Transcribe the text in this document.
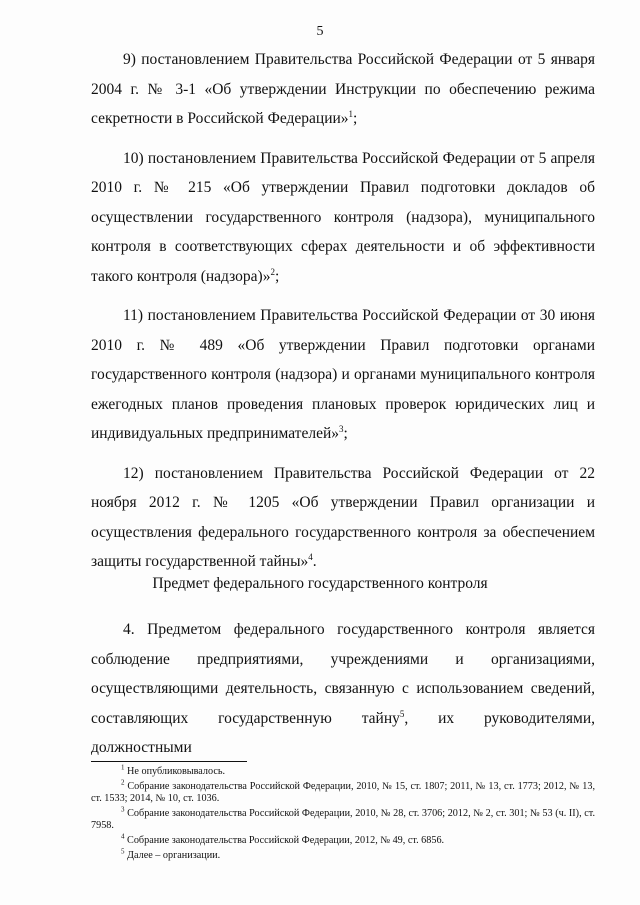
5

9) постановлением Правительства Российской Федерации от 5 января 2004 г. № 3-1 «Об утверждении Инструкции по обеспечению режима секретности в Российской Федерации»$^1$;

10) постановлением Правительства Российской Федерации от 5 апреля 2010 г. № 215 «Об утверждении Правил подготовки докладов об осуществлении государственного контроля (надзора), муниципального контроля в соответствующих сферах деятельности и об эффективности такого контроля (надзора)»$^2$;

11) постановлением Правительства Российской Федерации от 30 июня 2010 г. № 489 «Об утверждении Правил подготовки органами государственного контроля (надзора) и органами муниципального контроля ежегодных планов проведения плановых проверок юридических лиц и индивидуальных предпринимателей»$^3$;

12) постановлением Правительства Российской Федерации от 22 ноября 2012 г. № 1205 «Об утверждении Правил организации и осуществления федерального государственного контроля за обеспечением защиты государственной тайны»$^4$.

Предмет федерального государственного контроля

4. Предметом федерального государственного контроля является соблюдение предприятиями, учреждениями и организациями, осуществляющими деятельность, связанную с использованием сведений, составляющих государственную тайну$^5$, их руководителями, должностными

$^1$ Не опубликовывалось.

$^2$ Собрание законодательства Российской Федерации, 2010, № 15, ст. 1807; 2011, № 13, ст. 1773; 2012, № 13, ст. 1533; 2014, № 10, ст. 1036.

$^3$ Собрание законодательства Российской Федерации, 2010, № 28, ст. 3706; 2012, № 2, ст. 301; № 53 (ч. II), ст. 7958.

$^4$ Собрание законодательства Российской Федерации, 2012, № 49, ст. 6856.

$^5$ Далее – организации.
